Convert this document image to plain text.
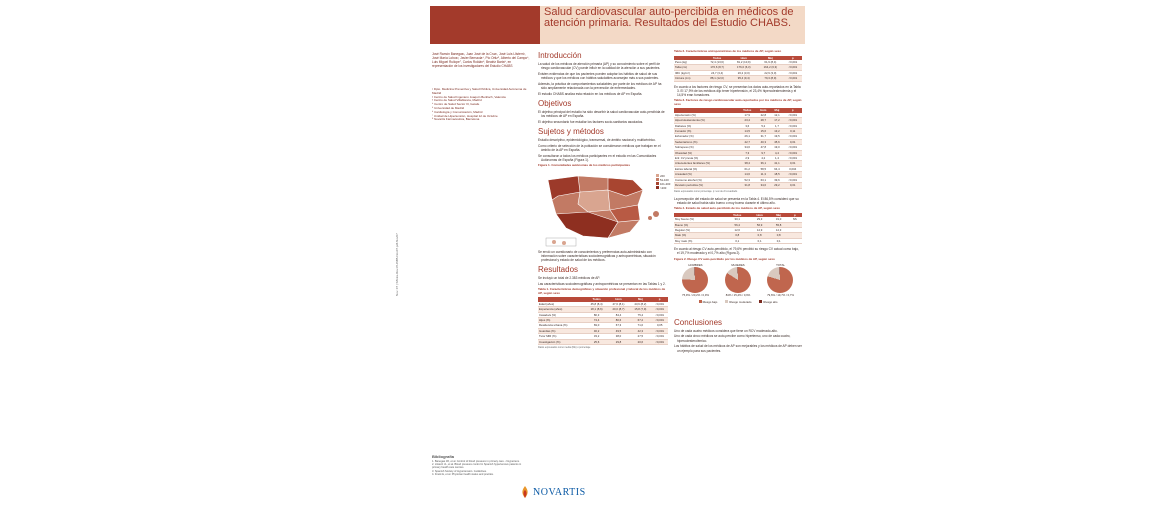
Salud cardiovascular auto-percibida en médicos de atención primaria. Resultados del Estudio CHABS.
Nov. 07 | SB-Ex-Rev-PHNB5-Nov07.pdf-Nov07
José Ramón Banegas¹, Juan José de la Cruz¹, José Luis Llisterri², José María Lobos³, Javier Bernaola⁴, Pío Ortiz⁵, Alberto del Campo⁶, Luis Miguel Ruilope⁷, Carlos Roldán⁸, Beatriz Barta⁹, en representación de los investigadores del Estudio CHABS
¹ Dpto. Medicina Preventiva y Salud Pública, Universidad Autónoma de Madrid
² Centro de Salud Ingeniero Joaquín Benlloch, Valencia
³ Centro de Salud Villablanca, Madrid
⁴ Centro de Salud Sector III, Getafe
⁵ Universidad de Madrid
⁶ Cardiología y Comunicación, Madrid
⁷ Unidad de Hipertensión, Hospital 12 de Octubre
⁸ Novartis Farmacéutica, Barcelona
Bibliografía
1. Banegas JR, et al. Control of blood pressure in primary care. J Hypertens.
2. Llisterri JL, et al. Blood pressure control in Spanish hypertensive patients in primary health care centres.
3. Spanish Society of Hypertension. Guidelines.
4. Frank E, et al. Physician health status and practice.
Introducción
La salud de los médicos de atención primaria (AP) y su conocimiento sobre el perfil de riesgo cardiovascular (CV) puede influir en la calidad de la atención a sus pacientes.
Existen evidencias de que los pacientes pueden adoptar los hábitos de salud de sus médicos y que los médicos con hábitos saludables aconsejan más a sus pacientes.
Además, la práctica de comportamientos saludables por parte de los médicos de AP ha sido ampliamente relacionada con la prevención de enfermedades.
El estudio CHABS analiza esta relación en los médicos de AP en España.
Objetivos
El objetivo principal del estudio ha sido describir la salud cardiovascular auto-percibida de los médicos de AP en España.
El objetivo secundario fue estudiar los factores socio-sanitarios asociados.
Sujetos y métodos
Estudio descriptivo, epidemiológico, transversal, de ámbito nacional y multicéntrico.
Como criterio de selección de la población se consideraron médicos que trabajan en el ámbito de la AP en España.
Se consultaron a todos los médicos participantes en el estudio en las Comunidades Autónomas de España (Figura 1).
Figura 1. Comunidades autónomas de los médicos participantes
≤50
51-100
101-200
>200
Se envió un cuestionario de conocimientos y preferencias auto-administrado con información sobre características sociodemográficas y antropométricas, situación profesional y estado de salud de los médicos.
Resultados
Se incluyó un total de 2.383 médicos de AP.
Las características sociodemográficas y antropométricas se presentan en las Tablas 1 y 2.
Tabla 1. Características demográficas y situación profesional y laboral de los médicos de AP, según sexo
	Todos	Hom	Muj	p
Edad (años)	45,8 (8,4)	47,6 (8,1)	43,6 (8,2)	<0,001
Experiencia (años)	18,1 (8,6)	20,0 (8,7)	15,8 (7,9)	<0,001
Casado/a (%)	80,3	84,4	75,4	<0,001
Hijos (%)	74,4	80,6	67,2	<0,001
Residencia urbana (%)	69,0	67,3	71,0	0,05
Guardias (%)	46,2	49,5	42,3	<0,001
Tutor MIR (%)	33,2	38,0	27,5	<0,001
Investigación (%)	25,6	29,8	20,6	<0,001
Datos expresados como media (DE) o porcentaje
Tabla 2. Características antropométricas de los médicos de AP, según sexo
	Todos	Hom	Muj	p
Peso (kg)	72,4 (13,6)	81,2 (10,9)	61,9 (8,4)	<0,001
Talla (cm)	170,6 (8,7)	176,0 (6,3)	164,2 (6,3)	<0,001
IMC (kg/m²)	24,7 (3,4)	26,2 (3,0)	22,9 (3,0)	<0,001
Cintura (cm)	88,1 (12,0)	95,4 (9,4)	79,3 (8,9)	<0,001
En cuanto a los factores de riesgo CV, se presentan los datos auto-reportados en la Tabla 3. El 17,9% de los médicos dijo tener hipertensión, el 23,4% hipercolesterolemia y el 14,5% eran fumadores.
Tabla 3. Factores de riesgo cardiovascular auto-reportados por los médicos de AP, según sexo
	Todos	Hom	Muj	p
Hipertensión (%)	17,9	22,8	12,1	<0,001
Hipercolesterolemia (%)	23,4	28,7	17,2	<0,001
Diabetes (%)	3,6	5,2	1,7	<0,001
Fumador (%)	14,5	15,6	13,2	0,11
Exfumador (%)	26,1	31,7	19,5	<0,001
Sedentarismo (%)	42,7	40,3	45,6	0,01
Sobrepeso (%)	34,6	47,8	19,0	<0,001
Obesidad (%)	7,3	9,7	4,4	<0,001
Enf. CV previa (%)	2,9	4,2	1,4	<0,001
Antecedentes familiares (%)	38,4	36,1	41,1	0,01
Estrés laboral (%)	61,2	58,5	64,4	0,004
Ansiedad (%)	14,6	11,3	18,5	<0,001
Consumo alcohol (%)	52,3	63,1	39,6	<0,001
Revisión periódica (%)	31,8	34,0	29,2	0,01
Datos expresados como porcentaje. p: test de chi-cuadrado
La percepción del estado de salud se presenta en la Tabla 4. El 86,5% consideró que su estado de salud había sido bueno o muy bueno durante el último año.
Tabla 4. Estado de salud auto-percibido de los médicos de AP, según sexo
	Todos	Hom	Muj	p
Muy bueno (%)	30,1	29,3	31,0	NS
Bueno (%)	56,4	56,9	55,8	
Regular (%)	12,6	12,9	12,3	
Malo (%)	0,8	0,8	0,8	
Muy malo (%)	0,1	0,1	0,1	
En cuanto al riesgo CV auto-percibido, el 79,6% percibió su riesgo CV actual como bajo, el 19,7% moderado y el 0,7% alto (Figura 2).
Figura 2. Riesgo CV auto-percibido por los médicos de AP, según sexo
HOMBRES
75,9% / 23,2% / 0,9%
MUJERES
84% / 15,4% / 0,6%
TOTAL
79,6% / 19,7% / 0,7%
Riesgo bajo	Riesgo moderado	Riesgo alto
Conclusiones
Uno de cada cuatro médicos considera que tiene un RCV moderado-alto.
Uno de cada cinco médicos se auto-percibe como hipertenso, uno de cada cuatro, hipercolesterolémico.
Los hábitos de salud de los médicos de AP son mejorables y los médicos de AP deben ser un ejemplo para sus pacientes.
NOVARTIS
